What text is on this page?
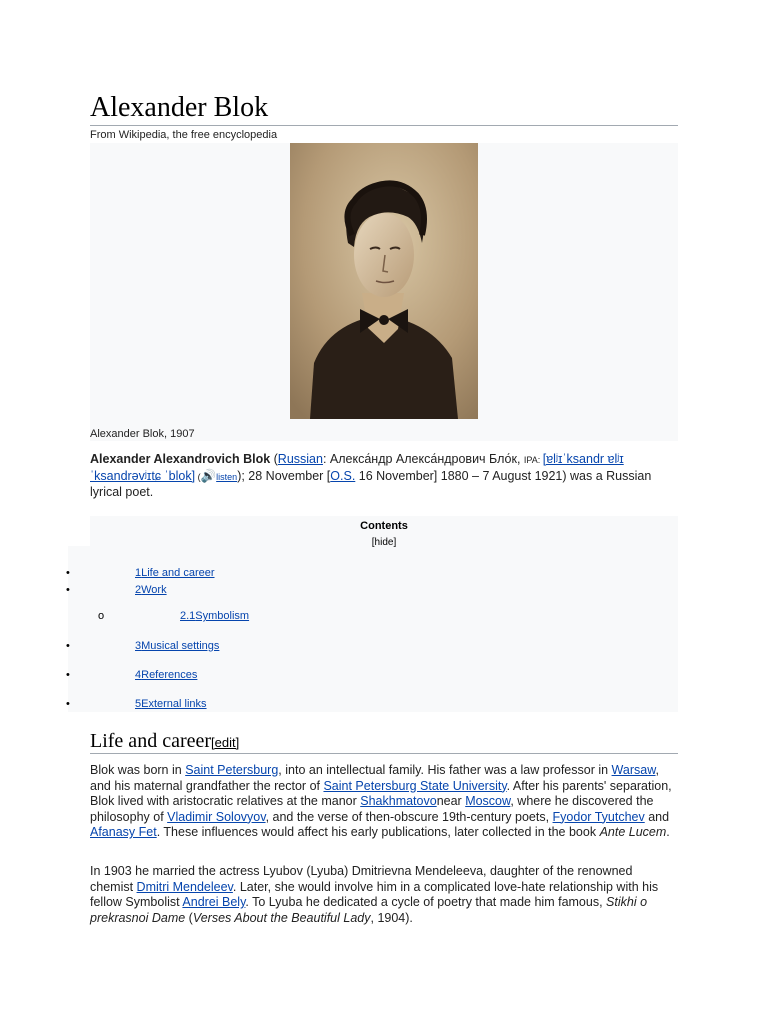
Alexander Blok
From Wikipedia, the free encyclopedia
Alexander Blok, 1907
Alexander Alexandrovich Blok (Russian: Алекса́ндр Алекса́ндрович Бло́к, IPA: [ɐlʲɪˈksandr ɐlʲɪˈksandrəvʲɪtɕ ˈblok] (🔊listen); 28 November [O.S. 16 November] 1880 – 7 August 1921) was a Russian lyrical poet.
Contents
[hide]
•	1Life and career
•	2Work
o	2.1Symbolism
•	3Musical settings
•	4References
•	5External links
Life and career[edit]
Blok was born in Saint Petersburg, into an intellectual family. His father was a law professor in Warsaw, and his maternal grandfather the rector of Saint Petersburg State University. After his parents' separation, Blok lived with aristocratic relatives at the manor Shakhmatovonear Moscow, where he discovered the philosophy of Vladimir Solovyov, and the verse of then-obscure 19th-century poets, Fyodor Tyutchev and Afanasy Fet. These influences would affect his early publications, later collected in the book Ante Lucem.
In 1903 he married the actress Lyubov (Lyuba) Dmitrievna Mendeleeva, daughter of the renowned chemist Dmitri Mendeleev. Later, she would involve him in a complicated love-hate relationship with his fellow Symbolist Andrei Bely. To Lyuba he dedicated a cycle of poetry that made him famous, Stikhi o prekrasnoi Dame (Verses About the Beautiful Lady, 1904).
